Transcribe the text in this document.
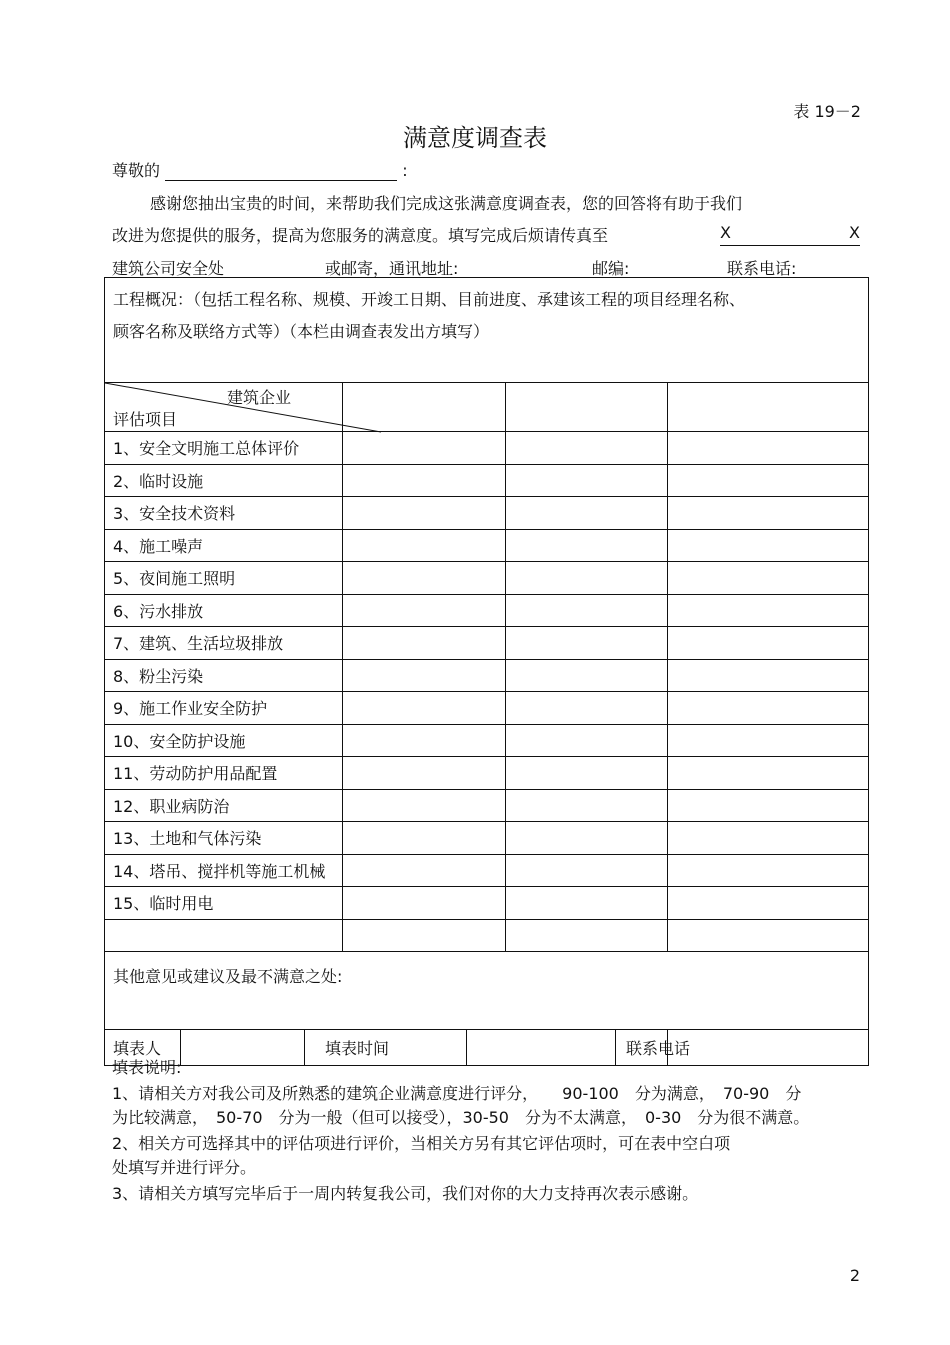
表 19－2
满意度调查表
尊敬的	:
感谢您抽出宝贵的时间，来帮助我们完成这张满意度调查表，您的回答将有助于我们
改进为您提供的服务，提高为您服务的满意度。填写完成后烦请传真至	X	X
建筑公司安全处	或邮寄，通讯地址:	邮编:	联系电话:
工程概况：（包括工程名称、规模、开竣工日期、目前进度、承建该工程的项目经理名称、
顾客名称及联络方式等）（本栏由调查表发出方填写）							

建筑企业
评估项目							

1、安全文明施工总体评价							
2、临时设施							
3、安全技术资料							
4、施工噪声							
5、夜间施工照明							
6、污水排放							
7、建筑、生活垃圾排放							
8、粉尘污染							
9、施工作业安全防护							
10、安全防护设施							
11、劳动防护用品配置							
12、职业病防治							
13、土地和气体污染							
14、塔吊、搅拌机等施工机械							
15、临时用电							

其他意见或建议及最不满意之处:							
填表人		填表时间				联系电话	
填表说明:
1、请相关方对我公司及所熟悉的建筑企业满意度进行评分，　　90-100　分为满意，　70-90　分
为比较满意，　50-70　分为一般（但可以接受），30-50　分为不太满意，　0-30　分为很不满意。
2、相关方可选择其中的评估项进行评价，当相关方另有其它评估项时，可在表中空白项
处填写并进行评分。
3、请相关方填写完毕后于一周内转复我公司，我们对你的大力支持再次表示感谢。
2
